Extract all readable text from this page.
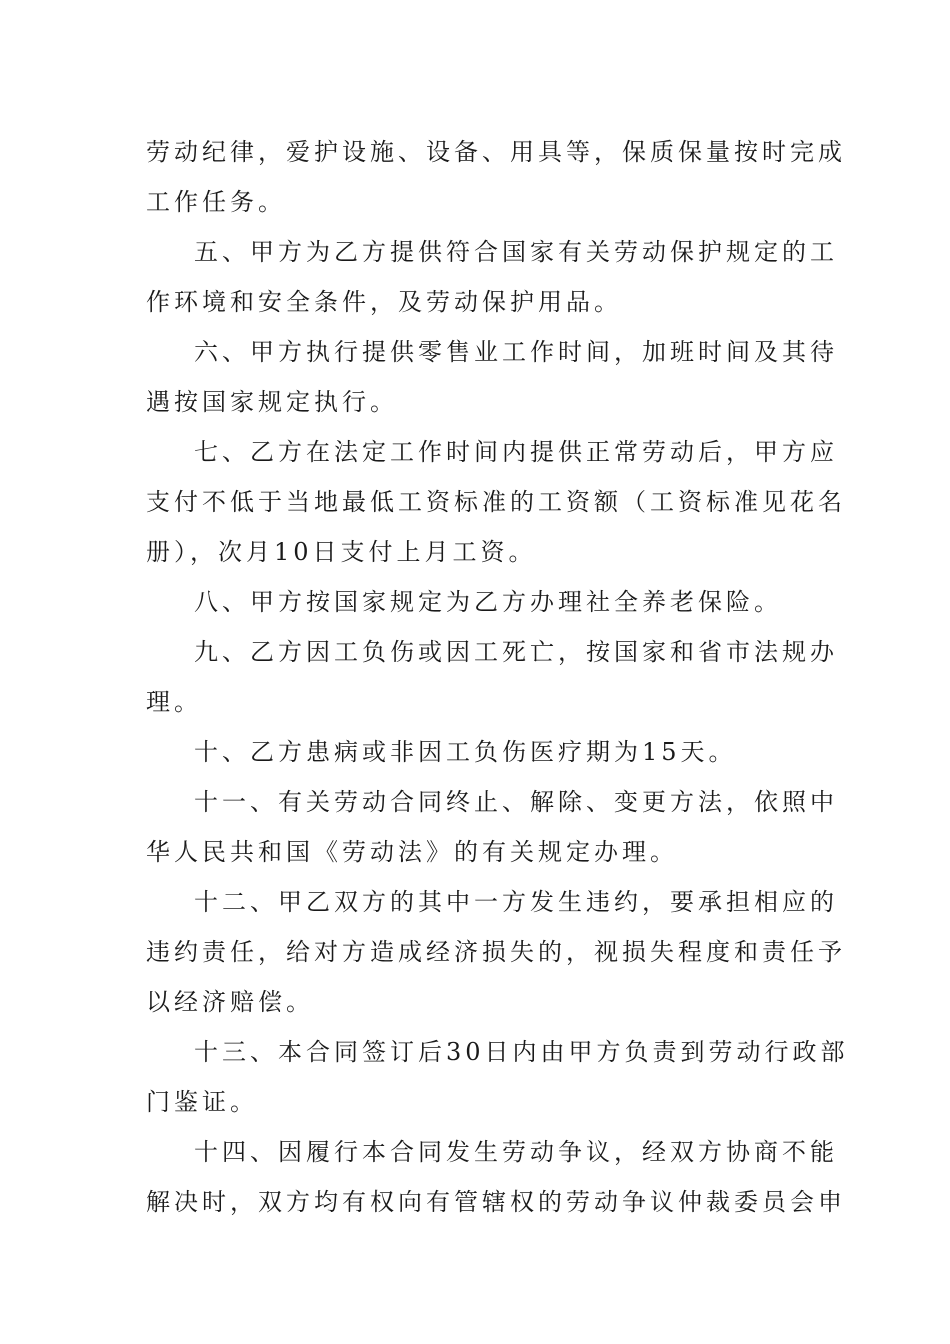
劳动纪律，爱护设施、设备、用具等，保质保量按时完成
工作任务。
五、甲方为乙方提供符合国家有关劳动保护规定的工
作环境和安全条件，及劳动保护用品。
六、甲方执行提供零售业工作时间，加班时间及其待
遇按国家规定执行。
七、乙方在法定工作时间内提供正常劳动后，甲方应
支付不低于当地最低工资标准的工资额（工资标准见花名
册），次月10日支付上月工资。
八、甲方按国家规定为乙方办理社全养老保险。
九、乙方因工负伤或因工死亡，按国家和省市法规办
理。
十、乙方患病或非因工负伤医疗期为15天。
十一、有关劳动合同终止、解除、变更方法，依照中
华人民共和国《劳动法》的有关规定办理。
十二、甲乙双方的其中一方发生违约，要承担相应的
违约责任，给对方造成经济损失的，视损失程度和责任予
以经济赔偿。
十三、本合同签订后30日内由甲方负责到劳动行政部
门鉴证。
十四、因履行本合同发生劳动争议，经双方协商不能
解决时，双方均有权向有管辖权的劳动争议仲裁委员会申
